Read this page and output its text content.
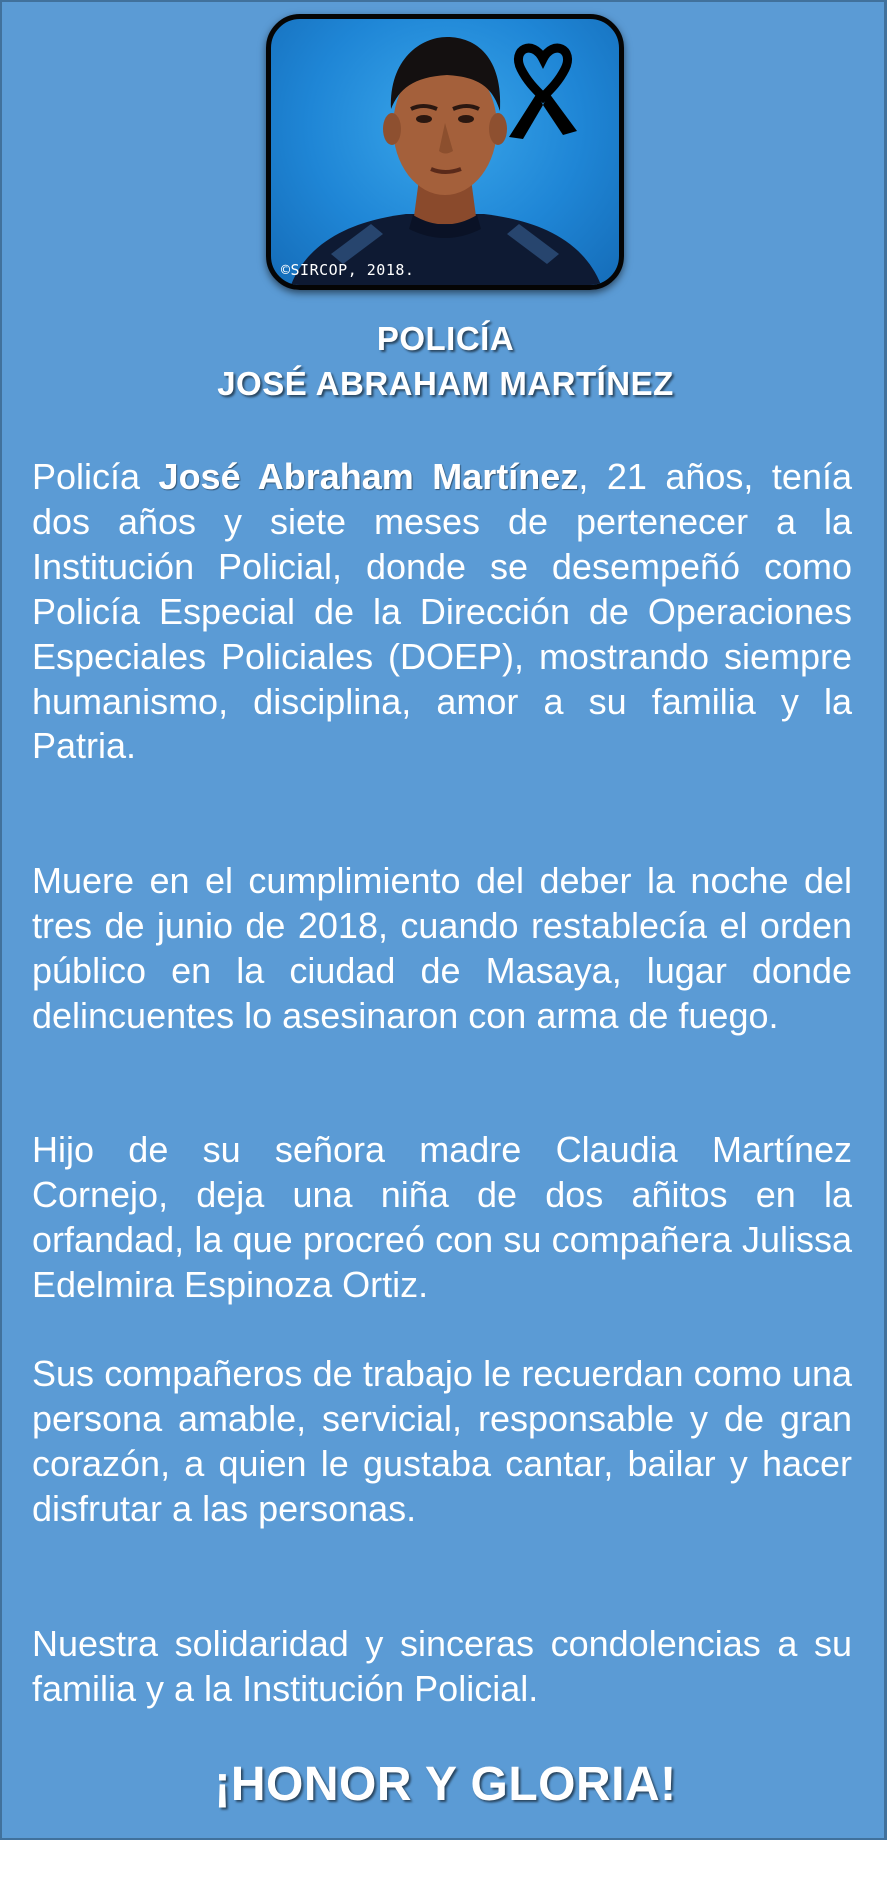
©SIRCOP, 2018.
POLICÍA
JOSÉ ABRAHAM MARTÍNEZ

Policía José Abraham Martínez, 21 años, tenía dos años y siete meses de pertenecer a la Institución Policial, donde se desempeñó como Policía Especial de la Dirección de Operaciones Especiales Policiales (DOEP), mostrando siempre humanismo, disciplina, amor a su familia y la Patria.

Muere en el cumplimiento del deber la noche del tres de junio de 2018, cuando restablecía el orden público en la ciudad de Masaya, lugar donde delincuentes lo asesinaron con arma de fuego.

Hijo de su señora madre Claudia Martínez Cornejo, deja una niña de dos añitos en la orfandad, la que procreó con su compañera Julissa Edelmira Espinoza Ortiz.

Sus compañeros de trabajo le recuerdan como una persona amable, servicial, responsable y de gran corazón, a quien le gustaba cantar, bailar y hacer disfrutar a las personas.

Nuestra solidaridad y sinceras condolencias a su familia y a la Institución Policial.

¡HONOR Y GLORIA!
